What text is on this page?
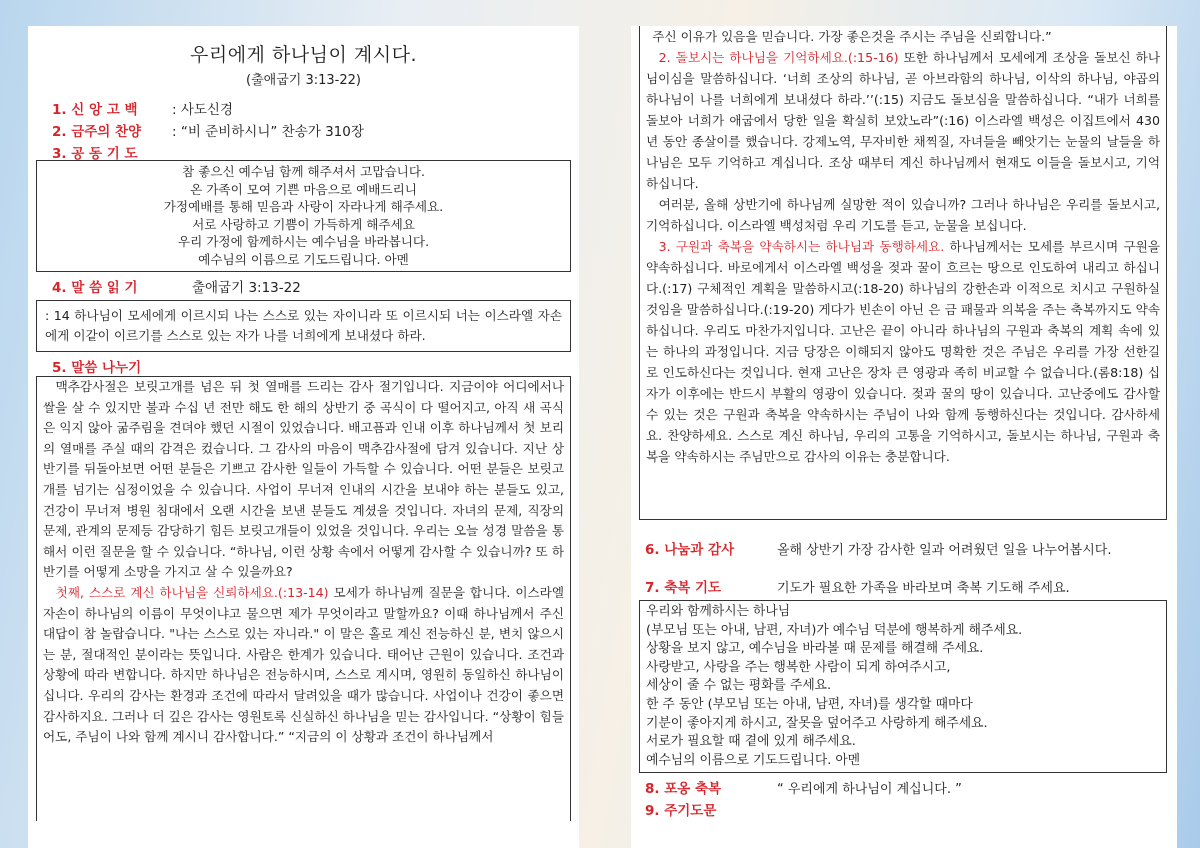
우리에게 하나님이 계시다.
(출애굽기 3:13-22)
1. 신 앙 고 백	: 사도신경
2. 금주의 찬양	: “비 준비하시니” 찬송가 310장
3. 공 동 기 도
참 좋으신 예수님 함께 해주셔서 고맙습니다.
온 가족이 모여 기쁜 마음으로 예배드리니
가정예배를 통해 믿음과 사랑이 자라나게 해주세요.
서로 사랑하고 기쁨이 가득하게 해주세요
우리 가정에 함께하시는 예수님을 바라봅니다.
예수님의 이름으로 기도드립니다. 아멘
4. 말 씀 읽 기	출애굽기 3:13-22
: 14 하나님이 모세에게 이르시되 나는 스스로 있는 자이니라 또 이르시되 너는 이스라엘 자손에게 이같이 이르기를 스스로 있는 자가 나를 너희에게 보내셨다 하라.
5. 말씀 나누기
맥추감사절은 보릿고개를 넘은 뒤 첫 열매를 드리는 감사 절기입니다. 지금이야 어디에서나 쌀을 살 수 있지만 불과 수십 년 전만 해도 한 해의 상반기 중 곡식이 다 떨어지고, 아직 새 곡식은 익지 않아 굶주림을 견뎌야 했던 시절이 있었습니다. 배고픔과 인내 이후 하나님께서 첫 보리의 열매를 주실 때의 감격은 컸습니다. 그 감사의 마음이 맥추감사절에 담겨 있습니다. 지난 상반기를 뒤돌아보면 어떤 분들은 기쁘고 감사한 일들이 가득할 수 있습니다. 어떤 분들은 보릿고개를 넘기는 심정이었을 수 있습니다. 사업이 무너져 인내의 시간을 보내야 하는 분들도 있고, 건강이 무너져 병원 침대에서 오랜 시간을 보낸 분들도 계셨을 것입니다. 자녀의 문제, 직장의 문제, 관계의 문제등 감당하기 힘든 보릿고개들이 있었을 것입니다. 우리는 오늘 성경 말씀을 통해서 이런 질문을 할 수 있습니다. “하나님, 이런 상황 속에서 어떻게 감사할 수 있습니까? 또 하반기를 어떻게 소망을 가지고 살 수 있을까요?
첫째, 스스로 계신 하나님을 신뢰하세요.(:13-14) 모세가 하나님께 질문을 합니다. 이스라엘 자손이 하나님의 이름이 무엇이냐고 물으면 제가 무엇이라고 말할까요? 이때 하나님께서 주신 대답이 참 놀랍습니다. "나는 스스로 있는 자니라." 이 말은 홀로 계신 전능하신 분, 변치 않으시는 분, 절대적인 분이라는 뜻입니다. 사람은 한계가 있습니다. 태어난 근원이 있습니다. 조건과 상황에 따라 변합니다. 하지만 하나님은 전능하시며, 스스로 계시며, 영원히 동일하신 하나님이십니다. 우리의 감사는 환경과 조건에 따라서 달려있을 때가 많습니다. 사업이나 건강이 좋으면 감사하지요. 그러나 더 깊은 감사는 영원토록 신실하신 하나님을 믿는 감사입니다. “상황이 힘들어도, 주님이 나와 함께 계시니 감사합니다.” “지금의 이 상황과 조건이 하나님께서
주신 이유가 있음을 믿습니다. 가장 좋은것을 주시는 주님을 신뢰합니다.”
2. 돌보시는 하나님을 기억하세요.(:15-16) 또한 하나님께서 모세에게 조상을 돌보신 하나님이심을 말씀하십니다. ‘너희 조상의 하나님, 곧 아브라함의 하나님, 이삭의 하나님, 야곱의 하나님이 나를 너희에게 보내셨다 하라.’’(:15) 지금도 돌보심을 말씀하십니다. “내가 너희를 돌보아 너희가 애굽에서 당한 일을 확실히 보았노라”(:16) 이스라엘 백성은 이집트에서 430년 동안 종살이를 했습니다. 강제노역, 무자비한 채찍질, 자녀들을 빼앗기는 눈물의 날들을 하나님은 모두 기억하고 계십니다. 조상 때부터 계신 하나님께서 현재도 이들을 돌보시고, 기억하십니다.
여러분, 올해 상반기에 하나님께 실망한 적이 있습니까? 그러나 하나님은 우리를 돌보시고, 기억하십니다. 이스라엘 백성처럼 우리 기도를 듣고, 눈물을 보십니다.
3. 구원과 축복을 약속하시는 하나님과 동행하세요. 하나님께서는 모세를 부르시며 구원을 약속하십니다. 바로에게서 이스라엘 백성을 젖과 꿀이 흐르는 땅으로 인도하여 내리고 하십니다.(:17) 구체적인 계획을 말씀하시고(:18-20) 하나님의 강한손과 이적으로 치시고 구원하실 것임을 말씀하십니다.(:19-20) 게다가 빈손이 아닌 은 금 패물과 의복을 주는 축복까지도 약속하십니다. 우리도 마찬가지입니다. 고난은 끝이 아니라 하나님의 구원과 축복의 계획 속에 있는 하나의 과정입니다. 지금 당장은 이해되지 않아도 명확한 것은 주님은 우리를 가장 선한길로 인도하신다는 것입니다. 현재 고난은 장차 큰 영광과 족히 비교할 수 없습니다.(롬8:18) 십자가 이후에는 반드시 부활의 영광이 있습니다. 젖과 꿀의 땅이 있습니다. 고난중에도 감사할 수 있는 것은 구원과 축복을 약속하시는 주님이 나와 함께 동행하신다는 것입니다. 감사하세요. 찬양하세요. 스스로 계신 하나님, 우리의 고통을 기억하시고, 돌보시는 하나님, 구원과 축복을 약속하시는 주님만으로 감사의 이유는 충분합니다.
6. 나눔과 감사	올해 상반기 가장 감사한 일과 어려웠던 일을 나누어봅시다.
7. 축복 기도	기도가 필요한 가족을 바라보며 축복 기도해 주세요.
우리와 함께하시는 하나님
(부모님 또는 아내, 남편, 자녀)가 예수님 덕분에 행복하게 해주세요.
상황을 보지 않고, 예수님을 바라볼 때 문제를 해결해 주세요.
사랑받고, 사랑을 주는 행복한 사람이 되게 하여주시고,
세상이 줄 수 없는 평화를 주세요.
한 주 동안 (부모님 또는 아내, 남편, 자녀)를 생각할 때마다
기분이 좋아지게 하시고, 잘못을 덮어주고 사랑하게 해주세요.
서로가 필요할 때 곁에 있게 해주세요.
예수님의 이름으로 기도드립니다. 아멘
8. 포옹 축복	“ 우리에게 하나님이 계십니다. ”
9. 주기도문
